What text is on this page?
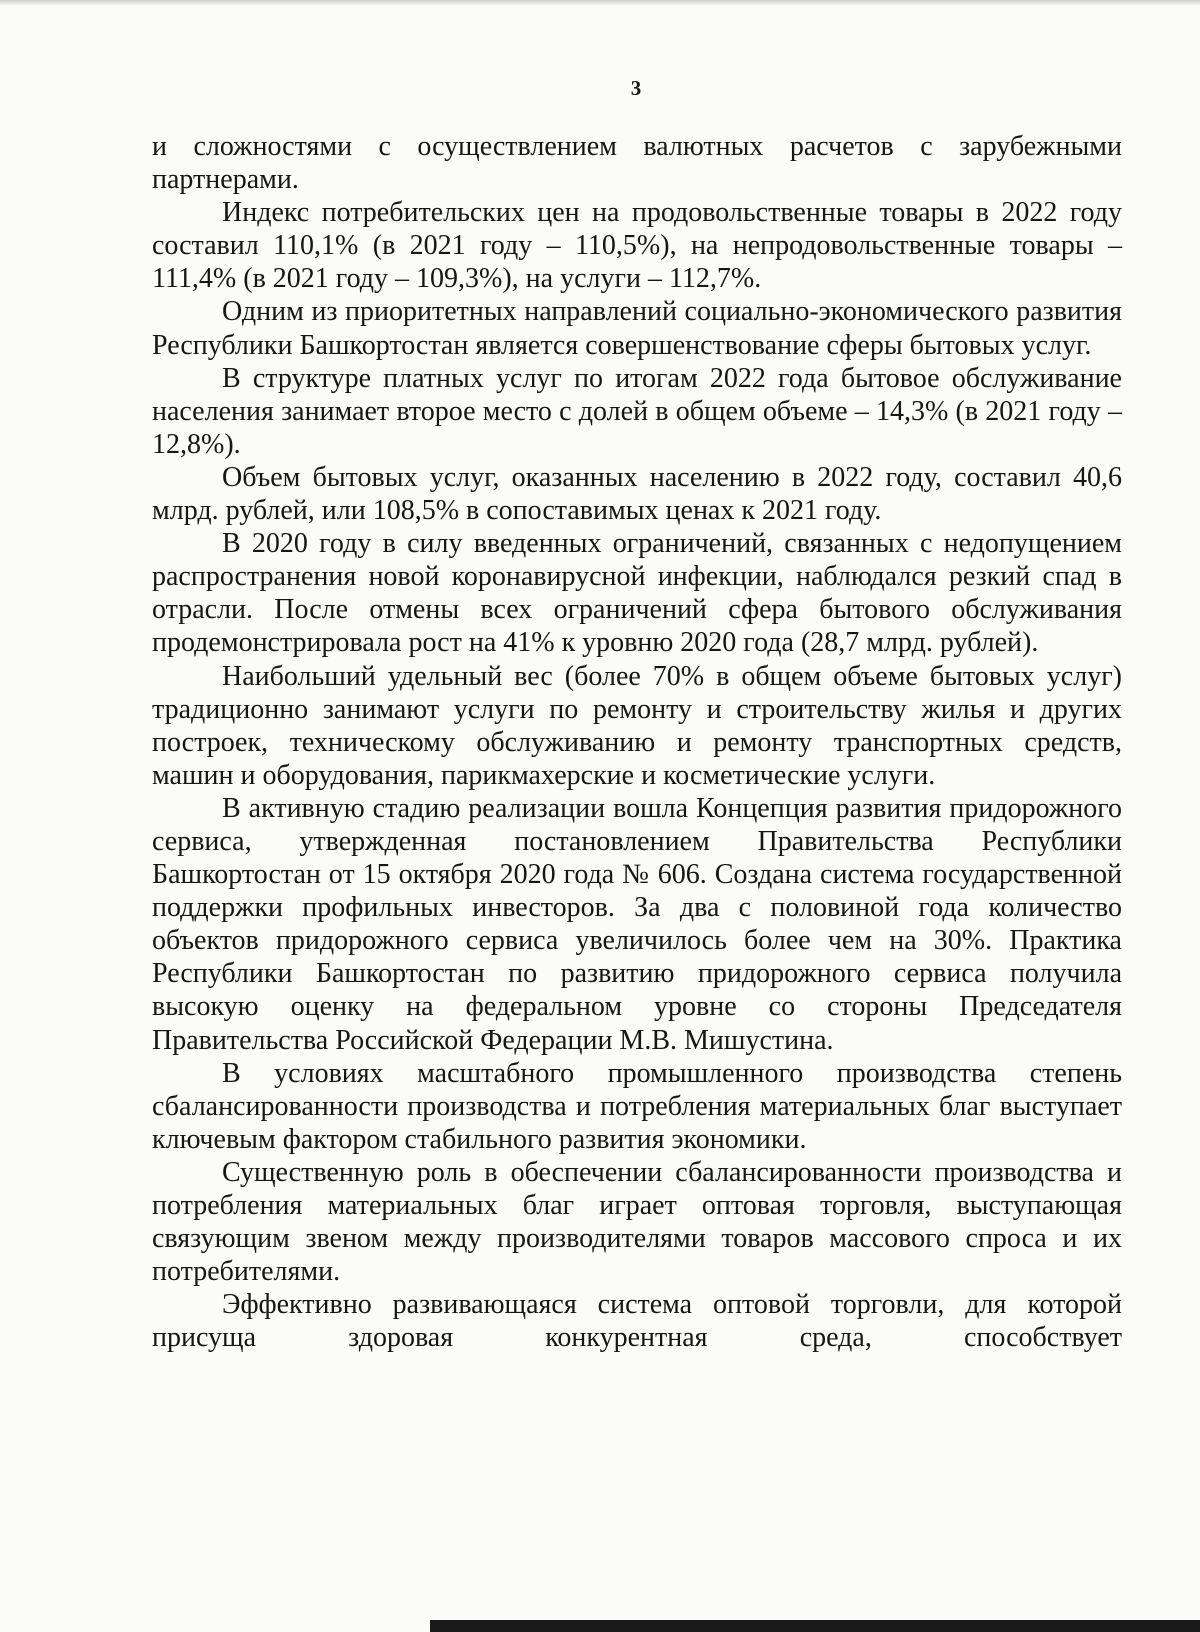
3

и сложностями с осуществлением валютных расчетов с зарубежными партнерами.

Индекс потребительских цен на продовольственные товары в 2022 году составил 110,1% (в 2021 году – 110,5%), на непродовольственные товары – 111,4% (в 2021 году – 109,3%), на услуги – 112,7%.

Одним из приоритетных направлений социально-экономического развития Республики Башкортостан является совершенствование сферы бытовых услуг.

В структуре платных услуг по итогам 2022 года бытовое обслуживание населения занимает второе место с долей в общем объеме – 14,3% (в 2021 году – 12,8%).

Объем бытовых услуг, оказанных населению в 2022 году, составил 40,6 млрд. рублей, или 108,5% в сопоставимых ценах к 2021 году.

В 2020 году в силу введенных ограничений, связанных с недопущением распространения новой коронавирусной инфекции, наблюдался резкий спад в отрасли. После отмены всех ограничений сфера бытового обслуживания продемонстрировала рост на 41% к уровню 2020 года (28,7 млрд. рублей).

Наибольший удельный вес (более 70% в общем объеме бытовых услуг) традиционно занимают услуги по ремонту и строительству жилья и других построек, техническому обслуживанию и ремонту транспортных средств, машин и оборудования, парикмахерские и косметические услуги.

В активную стадию реализации вошла Концепция развития придорожного сервиса, утвержденная постановлением Правительства Республики Башкортостан от 15 октября 2020 года № 606. Создана система государственной поддержки профильных инвесторов. За два с половиной года количество объектов придорожного сервиса увеличилось более чем на 30%. Практика Республики Башкортостан по развитию придорожного сервиса получила высокую оценку на федеральном уровне со стороны Председателя Правительства Российской Федерации М.В. Мишустина.

В условиях масштабного промышленного производства степень сбалансированности производства и потребления материальных благ выступает ключевым фактором стабильного развития экономики.

Существенную роль в обеспечении сбалансированности производства и потребления материальных благ играет оптовая торговля, выступающая связующим звеном между производителями товаров массового спроса и их потребителями.

Эффективно развивающаяся система оптовой торговли, для которой присуща здоровая конкурентная среда, способствует
